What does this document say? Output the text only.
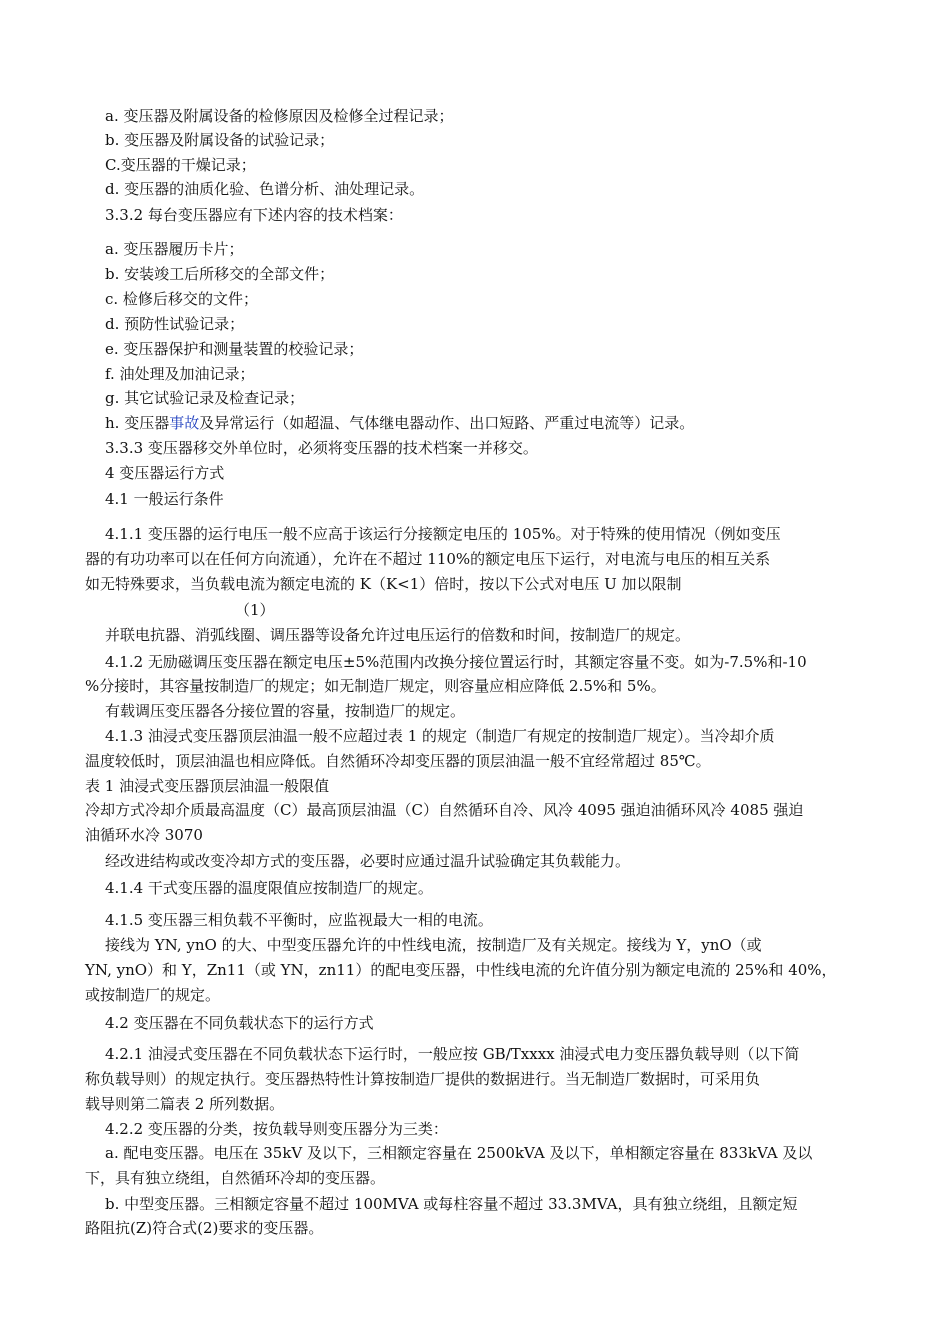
a. 变压器及附属设备的检修原因及检修全过程记录；
b. 变压器及附属设备的试验记录；
C.变压器的干燥记录；
d. 变压器的油质化验、色谱分析、油处理记录。
3.3.2 每台变压器应有下述内容的技术档案：
a. 变压器履历卡片；
b. 安装竣工后所移交的全部文件；
c. 检修后移交的文件；
d. 预防性试验记录；
e. 变压器保护和测量装置的校验记录；
f. 油处理及加油记录；
g. 其它试验记录及检查记录；
h. 变压器事故及异常运行（如超温、气体继电器动作、出口短路、严重过电流等）记录。
3.3.3 变压器移交外单位时，必须将变压器的技术档案一并移交。
4 变压器运行方式
4.1 一般运行条件
4.1.1 变压器的运行电压一般不应高于该运行分接额定电压的 105%。对于特殊的使用情况（例如变压
器的有功功率可以在任何方向流通），允许在不超过 110%的额定电压下运行，对电流与电压的相互关系
如无特殊要求，当负载电流为额定电流的 K（K<1）倍时，按以下公式对电压 U 加以限制
（1）
并联电抗器、消弧线圈、调压器等设备允许过电压运行的倍数和时间，按制造厂的规定。
4.1.2 无励磁调压变压器在额定电压±5%范围内改换分接位置运行时，其额定容量不变。如为-7.5%和-10
%分接时，其容量按制造厂的规定；如无制造厂规定，则容量应相应降低 2.5%和 5%。
有载调压变压器各分接位置的容量，按制造厂的规定。
4.1.3 油浸式变压器顶层油温一般不应超过表 1 的规定（制造厂有规定的按制造厂规定）。当冷却介质
温度较低时，顶层油温也相应降低。自然循环冷却变压器的顶层油温一般不宜经常超过 85℃。
表 1 油浸式变压器顶层油温一般限值
冷却方式冷却介质最高温度（C）最高顶层油温（C）自然循环自冷、风冷 4095 强迫油循环风冷 4085 强迫
油循环水冷 3070
经改进结构或改变冷却方式的变压器，必要时应通过温升试验确定其负载能力。
4.1.4 干式变压器的温度限值应按制造厂的规定。
4.1.5 变压器三相负载不平衡时，应监视最大一相的电流。
接线为 YN, ynO 的大、中型变压器允许的中性线电流，按制造厂及有关规定。接线为 Y，ynO（或
YN, ynO）和 Y，Zn11（或 YN，zn11）的配电变压器，中性线电流的允许值分别为额定电流的 25%和 40%，
或按制造厂的规定。
4.2 变压器在不同负载状态下的运行方式
4.2.1 油浸式变压器在不同负载状态下运行时，一般应按 GB/Txxxx 油浸式电力变压器负载导则（以下简
称负载导则）的规定执行。变压器热特性计算按制造厂提供的数据进行。当无制造厂数据时，可采用负
载导则第二篇表 2 所列数据。
4.2.2 变压器的分类，按负载导则变压器分为三类：
a. 配电变压器。电压在 35kV 及以下，三相额定容量在 2500kVA 及以下，单相额定容量在 833kVA 及以
下，具有独立绕组，自然循环冷却的变压器。
b. 中型变压器。三相额定容量不超过 100MVA 或每柱容量不超过 33.3MVA，具有独立绕组，且额定短
路阻抗(Z)符合式(2)要求的变压器。
